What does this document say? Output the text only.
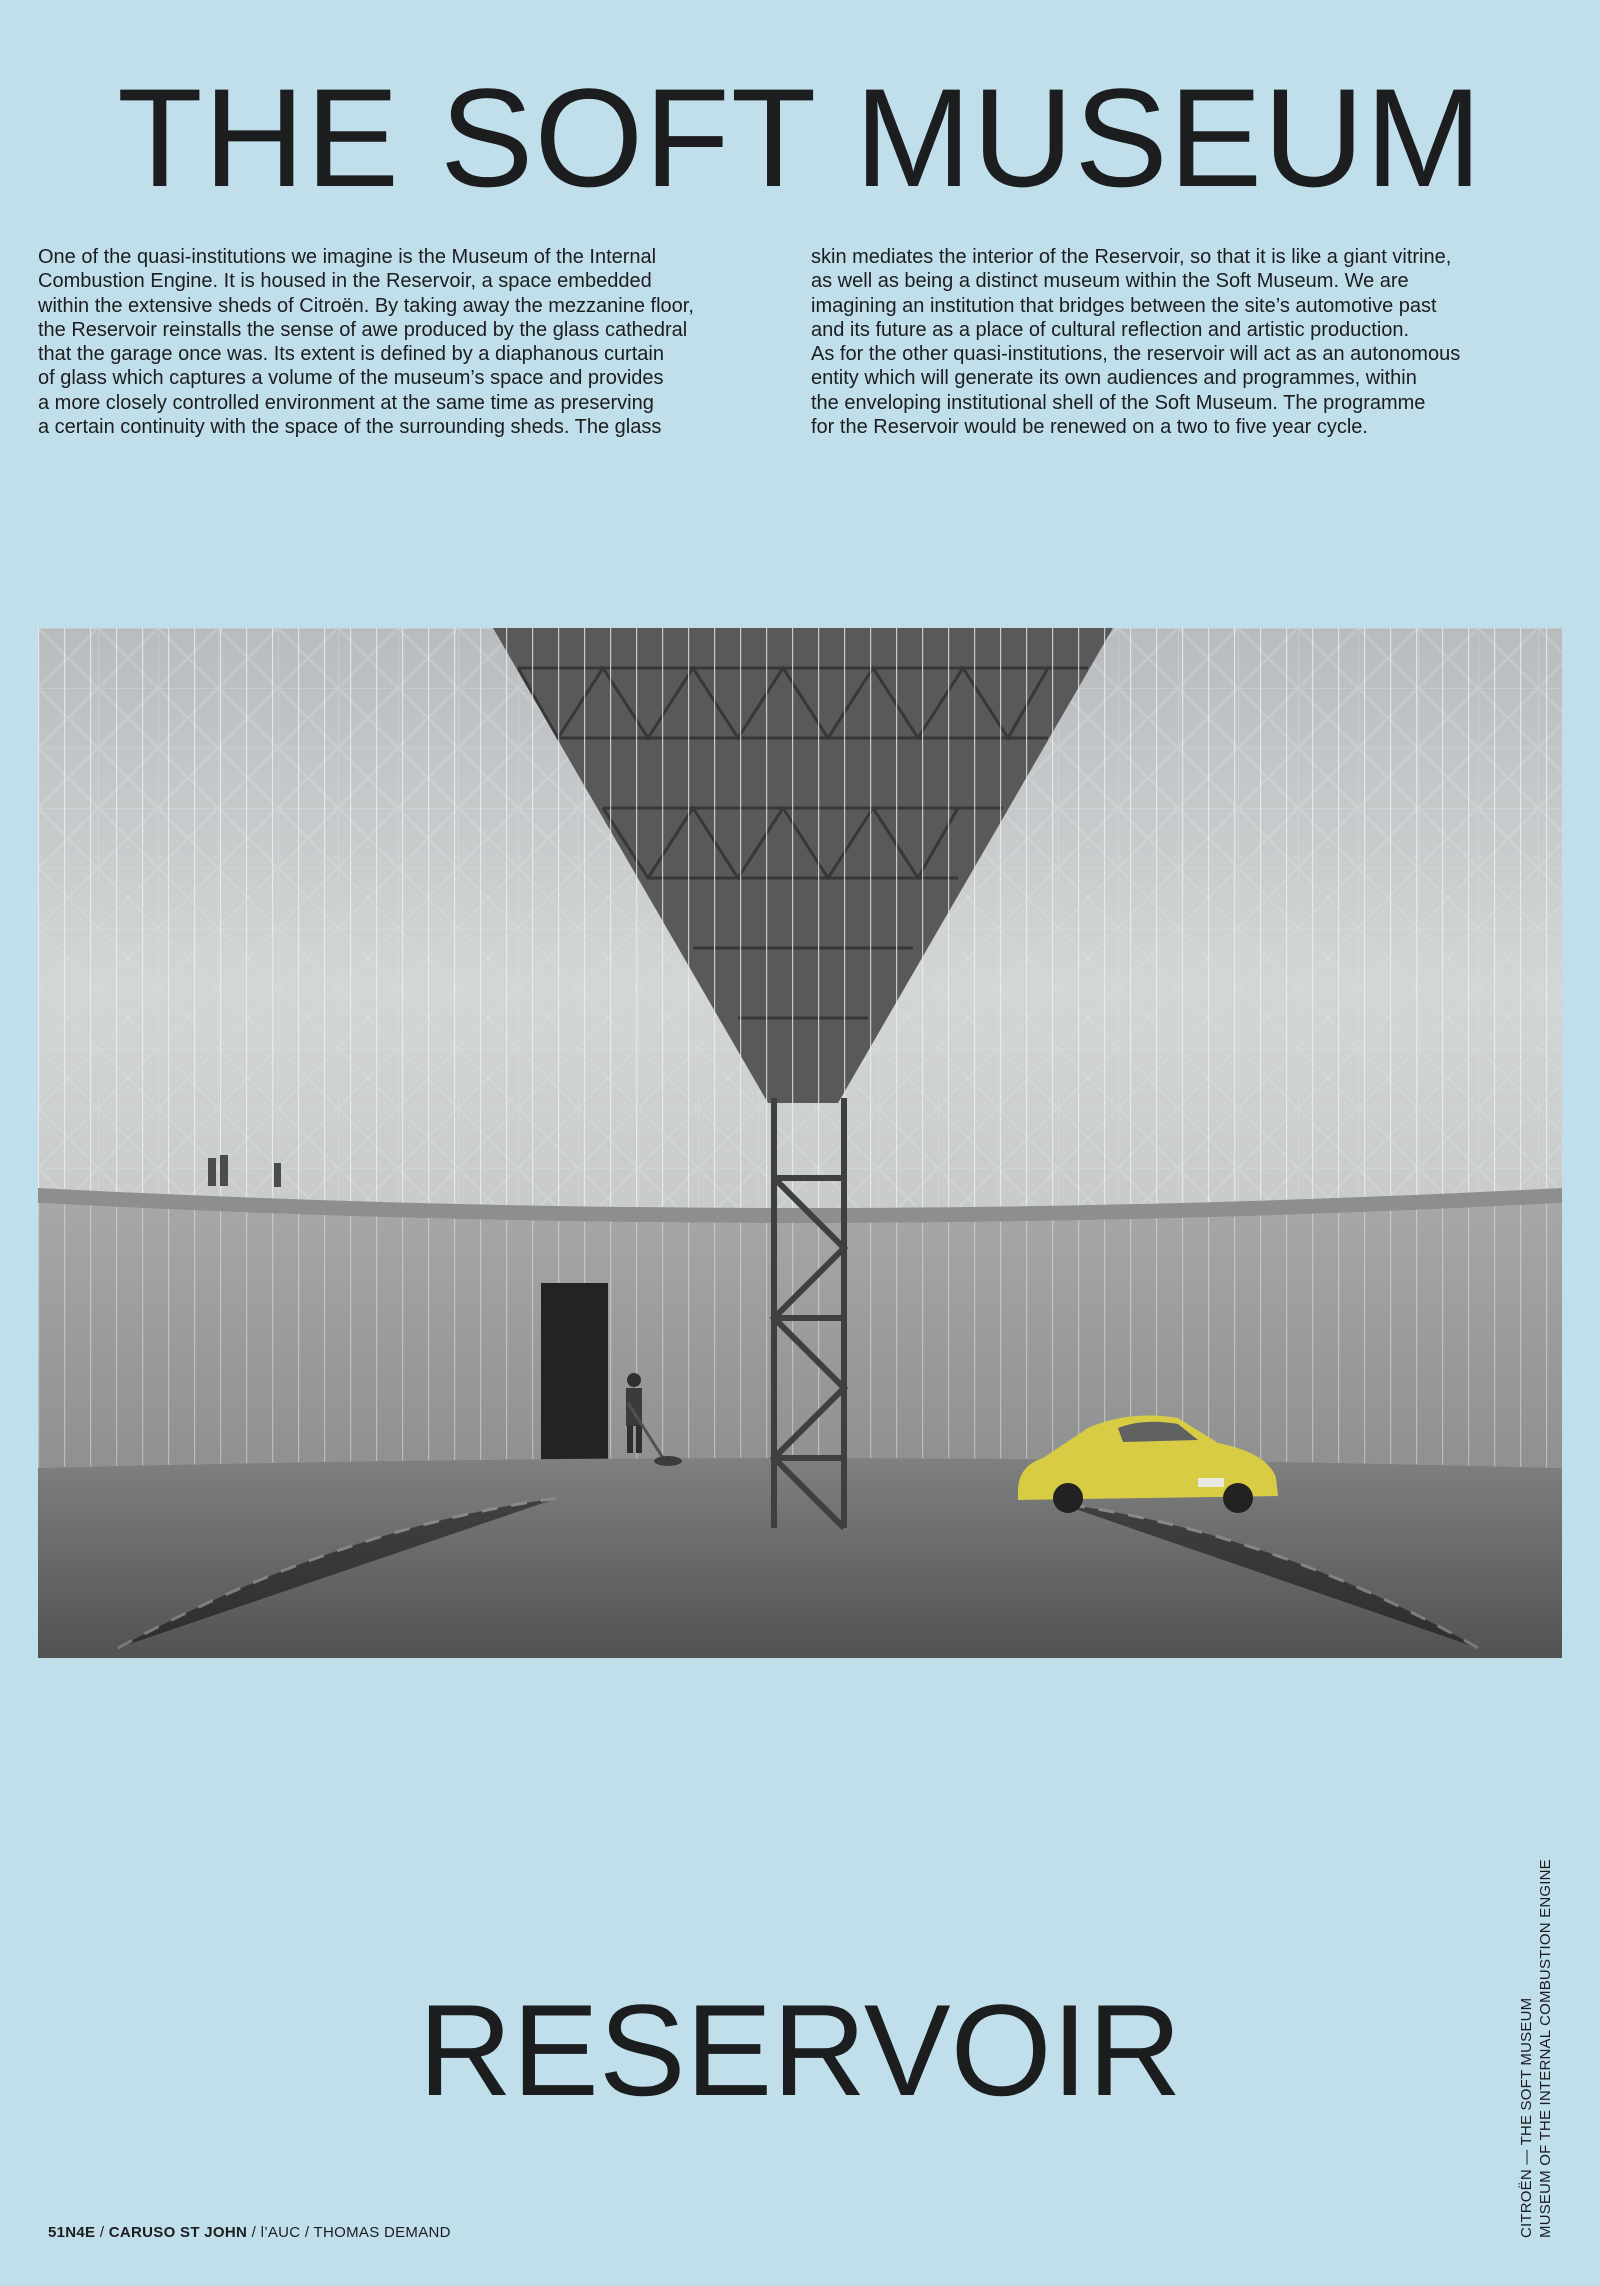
THE SOFT MUSEUM

One of the quasi-institutions we imagine is the Museum of the Internal
Combustion Engine. It is housed in the Reservoir, a space embedded
within the extensive sheds of Citroën. By taking away the mezzanine floor,
the Reservoir reinstalls the sense of awe produced by the glass cathedral
that the garage once was. Its extent is defined by a diaphanous curtain
of glass which captures a volume of the museum’s space and provides
a more closely controlled environment at the same time as preserving
a certain continuity with the space of the surrounding sheds. The glass

skin mediates the interior of the Reservoir, so that it is like a giant vitrine,
as well as being a distinct museum within the Soft Museum. We are
imagining an institution that bridges between the site’s automotive past
and its future as a place of cultural reflection and artistic production.
As for the other quasi-institutions, the reservoir will act as an autonomous
entity which will generate its own audiences and programmes, within
the enveloping institutional shell of the Soft Museum. The programme
for the Reservoir would be renewed on a two to five year cycle.

RESERVOIR
51N4E / CARUSO ST JOHN / l’AUC / THOMAS DEMAND	CITROËN — THE SOFT MUSEUM MUSEUM OF THE INTERNAL COMBUSTION ENGINE
